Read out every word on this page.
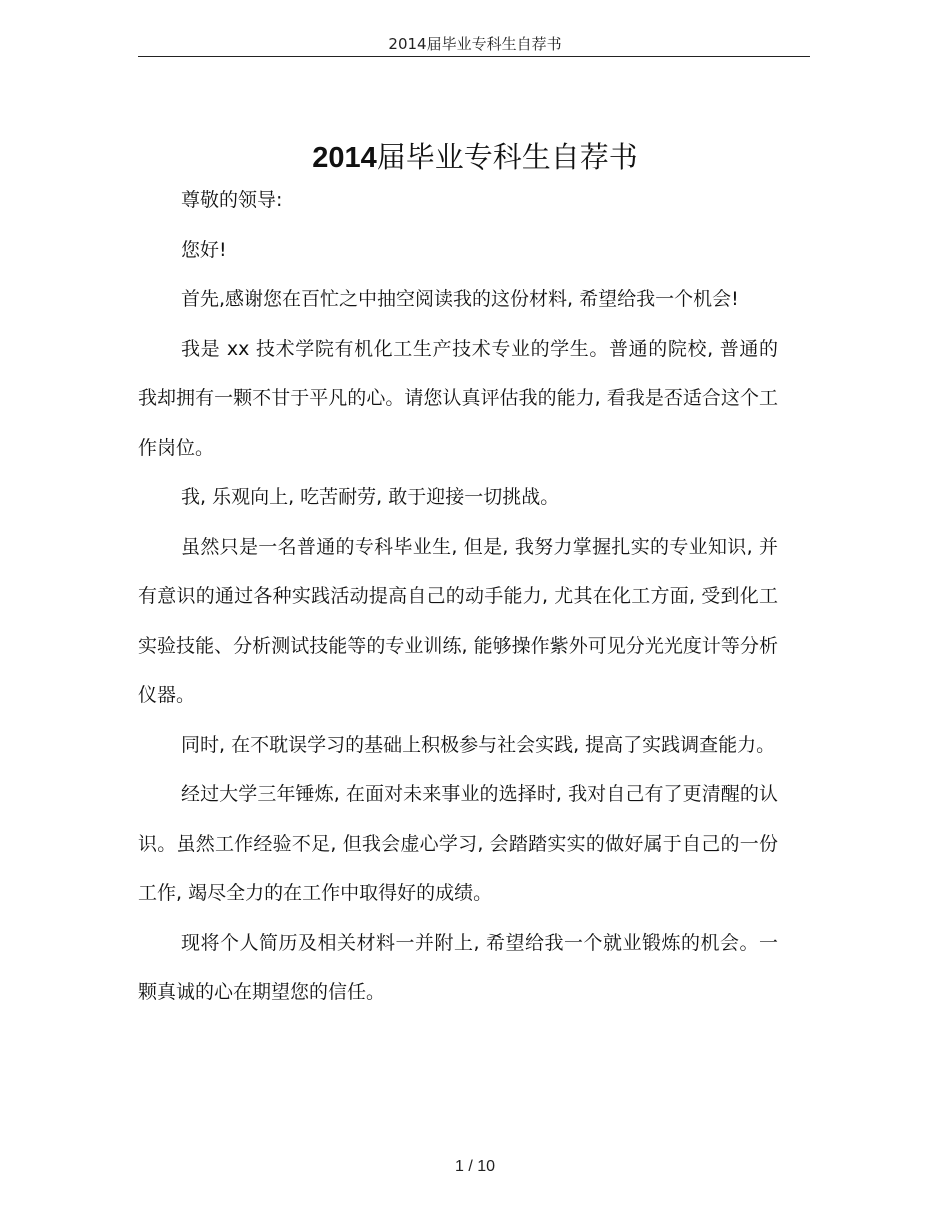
2014届毕业专科生自荐书
2014届毕业专科生自荐书

尊敬的领导:

您好!

首先,感谢您在百忙之中抽空阅读我的这份材料, 希望给我一个机会!

我是 xx 技术学院有机化工生产技术专业的学生。普通的院校, 普通的我却拥有一颗不甘于平凡的心。请您认真评估我的能力, 看我是否适合这个工作岗位。

我, 乐观向上, 吃苦耐劳, 敢于迎接一切挑战。

虽然只是一名普通的专科毕业生, 但是, 我努力掌握扎实的专业知识, 并有意识的通过各种实践活动提高自己的动手能力, 尤其在化工方面, 受到化工实验技能、分析测试技能等的专业训练, 能够操作紫外可见分光光度计等分析仪器。

同时, 在不耽误学习的基础上积极参与社会实践, 提高了实践调查能力。

经过大学三年锤炼, 在面对未来事业的选择时, 我对自己有了更清醒的认识。虽然工作经验不足, 但我会虚心学习, 会踏踏实实的做好属于自己的一份工作, 竭尽全力的在工作中取得好的成绩。

现将个人简历及相关材料一并附上, 希望给我一个就业锻炼的机会。一颗真诚的心在期望您的信任。

1 / 10
